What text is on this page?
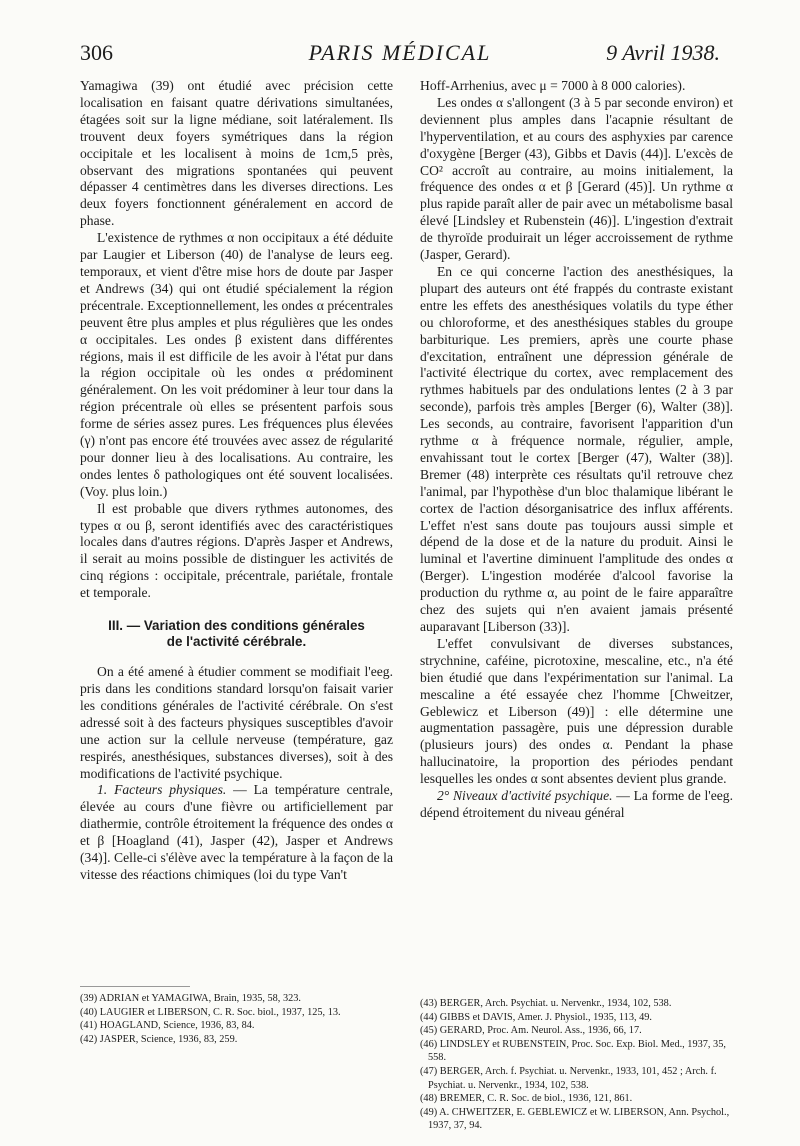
306	PARIS MÉDICAL	9 Avril 1938.

Yamagiwa (39) ont étudié avec précision cette localisation en faisant quatre dérivations simultanées, étagées soit sur la ligne médiane, soit latéralement. Ils trouvent deux foyers symétriques dans la région occipitale et les localisent à moins de 1cm,5 près, observant des migrations spontanées qui peuvent dépasser 4 centimètres dans les diverses directions. Les deux foyers fonctionnent généralement en accord de phase.

L'existence de rythmes α non occipitaux a été déduite par Laugier et Liberson (40) de l'analyse de leurs eeg. temporaux, et vient d'être mise hors de doute par Jasper et Andrews (34) qui ont étudié spécialement la région précentrale. Exceptionnellement, les ondes α précentrales peuvent être plus amples et plus régulières que les ondes α occipitales. Les ondes β existent dans différentes régions, mais il est difficile de les avoir à l'état pur dans la région occipitale où les ondes α prédominent généralement. On les voit prédominer à leur tour dans la région précentrale où elles se présentent parfois sous forme de séries assez pures. Les fréquences plus élevées (γ) n'ont pas encore été trouvées avec assez de régularité pour donner lieu à des localisations. Au contraire, les ondes lentes δ pathologiques ont été souvent localisées. (Voy. plus loin.)

Il est probable que divers rythmes autonomes, des types α ou β, seront identifiés avec des caractéristiques locales dans d'autres régions. D'après Jasper et Andrews, il serait au moins possible de distinguer les activités de cinq régions : occipitale, précentrale, pariétale, frontale et temporale.

III. — Variation des conditions générales
de l'activité cérébrale.

On a été amené à étudier comment se modifiait l'eeg. pris dans les conditions standard lorsqu'on faisait varier les conditions générales de l'activité cérébrale. On s'est adressé soit à des facteurs physiques susceptibles d'avoir une action sur la cellule nerveuse (température, gaz respirés, anesthésiques, substances diverses), soit à des modifications de l'activité psychique.

1. Facteurs physiques. — La température centrale, élevée au cours d'une fièvre ou artificiellement par diathermie, contrôle étroitement la fréquence des ondes α et β [Hoagland (41), Jasper (42), Jasper et Andrews (34)]. Celle-ci s'élève avec la température à la façon de la vitesse des réactions chimiques (loi du type Van't

Hoff-Arrhenius, avec μ = 7000 à 8 000 calories).

Les ondes α s'allongent (3 à 5 par seconde environ) et deviennent plus amples dans l'acapnie résultant de l'hyperventilation, et au cours des asphyxies par carence d'oxygène [Berger (43), Gibbs et Davis (44)]. L'excès de CO² accroît au contraire, au moins initialement, la fréquence des ondes α et β [Gerard (45)]. Un rythme α plus rapide paraît aller de pair avec un métabolisme basal élevé [Lindsley et Rubenstein (46)]. L'ingestion d'extrait de thyroïde produirait un léger accroissement de rythme (Jasper, Gerard).

En ce qui concerne l'action des anesthésiques, la plupart des auteurs ont été frappés du contraste existant entre les effets des anesthésiques volatils du type éther ou chloroforme, et des anesthésiques stables du groupe barbiturique. Les premiers, après une courte phase d'excitation, entraînent une dépression générale de l'activité électrique du cortex, avec remplacement des rythmes habituels par des ondulations lentes (2 à 3 par seconde), parfois très amples [Berger (6), Walter (38)]. Les seconds, au contraire, favorisent l'apparition d'un rythme α à fréquence normale, régulier, ample, envahissant tout le cortex [Berger (47), Walter (38)]. Bremer (48) interprète ces résultats qu'il retrouve chez l'animal, par l'hypothèse d'un bloc thalamique libérant le cortex de l'action désorganisatrice des influx afférents. L'effet n'est sans doute pas toujours aussi simple et dépend de la dose et de la nature du produit. Ainsi le luminal et l'avertine diminuent l'amplitude des ondes α (Berger). L'ingestion modérée d'alcool favorise la production du rythme α, au point de le faire apparaître chez des sujets qui n'en avaient jamais présenté auparavant [Liberson (33)].

L'effet convulsivant de diverses substances, strychnine, caféine, picrotoxine, mescaline, etc., n'a été bien étudié que dans l'expérimentation sur l'animal. La mescaline a été essayée chez l'homme [Chweitzer, Geblewicz et Liberson (49)] : elle détermine une augmentation passagère, puis une dépression durable (plusieurs jours) des ondes α. Pendant la phase hallucinatoire, la proportion des périodes pendant lesquelles les ondes α sont absentes devient plus grande.

2° Niveaux d'activité psychique. — La forme de l'eeg. dépend étroitement du niveau général

(39) ADRIAN et YAMAGIWA, Brain, 1935, 58, 323.
(40) LAUGIER et LIBERSON, C. R. Soc. biol., 1937, 125, 13.
(41) HOAGLAND, Science, 1936, 83, 84.
(42) JASPER, Science, 1936, 83, 259.
(43) BERGER, Arch. Psychiat. u. Nervenkr., 1934, 102, 538.
(44) GIBBS et DAVIS, Amer. J. Physiol., 1935, 113, 49.
(45) GERARD, Proc. Am. Neurol. Ass., 1936, 66, 17.
(46) LINDSLEY et RUBENSTEIN, Proc. Soc. Exp. Biol. Med., 1937, 35, 558.
(47) BERGER, Arch. f. Psychiat. u. Nervenkr., 1933, 101, 452 ; Arch. f. Psychiat. u. Nervenkr., 1934, 102, 538.
(48) BREMER, C. R. Soc. de biol., 1936, 121, 861.
(49) A. CHWEITZER, E. GEBLEWICZ et W. LIBERSON, Ann. Psychol., 1937, 37, 94.
